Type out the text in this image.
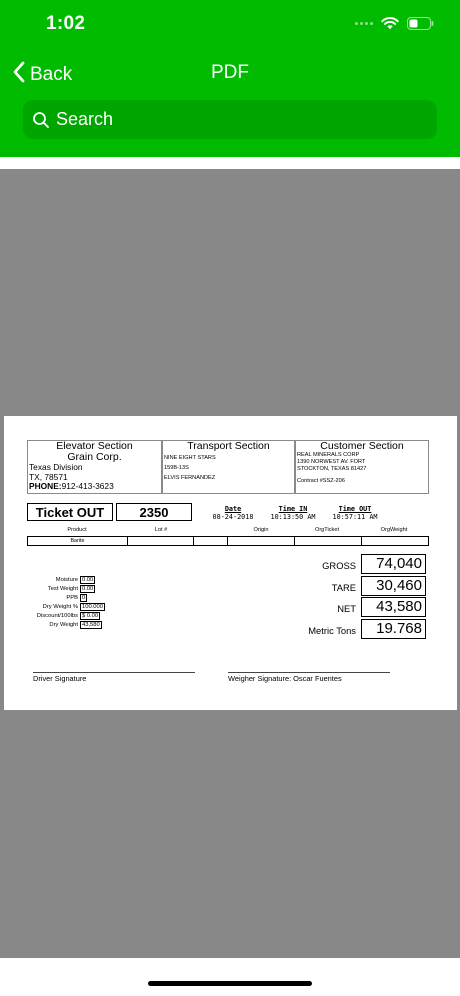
1:02
Back	PDF
Search
Elevator Section
Grain Corp.
Texas Division
TX, 78571
PHONE:912-413-3623
Transport Section
NINE EIGHT STARS
159B-13S
ELVIS FERNANDEZ
Customer Section
REAL MINERALS CORP
1390 NORWEST AV. FORT
STOCKTON, TEXAS 81427
Contract #SSZ-206
Ticket OUT	2350	Date
08-24-2018
Time IN
10:13:50 AM
Time OUT
10:57:11 AM
Product	Lot #	Origin	OrgTicket	OrgWeight
Barite
Moisture 0.00
Test Weight 0.00
PPB 0
Dry Weight % 100.000
Discount/100lbs $ 0.00
Dry Weight 43,580
GROSS	74,040
TARE	30,460
NET	43,580
Metric Tons	19.768
Driver Signature	Weigher Signature: Oscar Fuentes
